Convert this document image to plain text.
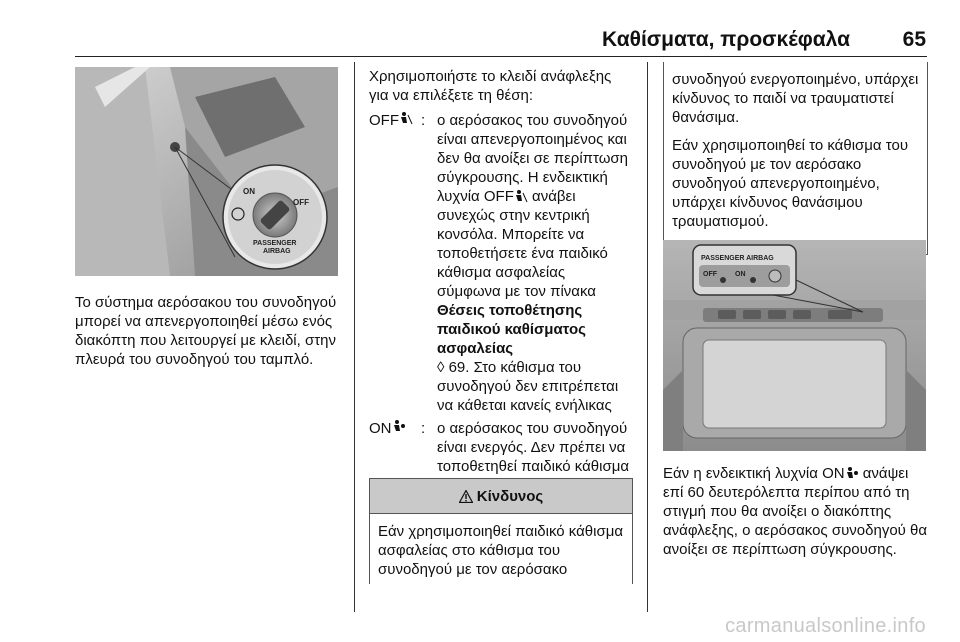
Καθίσματα, προσκέφαλα	65
ON
OFF
PASSENGER
AIRBAG
Το σύστημα αερόσακου του συνοδηγού μπορεί να απενεργοποιηθεί μέσω ενός διακόπτη που λειτουργεί με κλειδί, στην πλευρά του συνοδηγού του ταμπλό.

Χρησιμοποιήστε το κλειδί ανάφλεξης για να επιλέξετε τη θέση:

OFF : ο αερόσακος του συνοδηγού είναι απενεργοποιημένος και δεν θα ανοίξει σε περίπτωση σύγκρουσης. Η ενδεικτική λυχνία OFF ανάβει συνεχώς στην κεντρική κονσόλα. Μπορείτε να τοποθετήσετε ένα παιδικό κάθισμα ασφαλείας σύμφωνα με τον πίνακα Θέσεις τοποθέτησης παιδικού καθίσματος ασφαλείας
◊ 69. Στο κάθισμα του συνοδηγού δεν επιτρέπεται να κάθεται κανείς ενήλικας
ON : ο αερόσακος του συνοδηγού είναι ενεργός. Δεν πρέπει να τοποθετηθεί παιδικό κάθισμα
Κίνδυνος
Εάν χρησιμοποιηθεί παιδικό κάθισμα ασφαλείας στο κάθισμα του συνοδηγού με τον αερόσακο

συνοδηγού ενεργοποιημένο, υπάρχει κίνδυνος το παιδί να τραυματιστεί θανάσιμα.

Εάν χρησιμοποιηθεί το κάθισμα του συνοδηγού με τον αερόσακο συνοδηγού απενεργοποιημένο, υπάρχει κίνδυνος θανάσιμου τραυματισμού.

PASSENGER AIRBAG
OFF	ON
Εάν η ενδεικτική λυχνία ON ανάψει επί 60 δευτερόλεπτα περίπου από τη στιγμή που θα ανοίξει ο διακόπτης ανάφλεξης, ο αερόσακος συνοδηγού θα ανοίξει σε περίπτωση σύγκρουσης.
carmanualsonline.info
